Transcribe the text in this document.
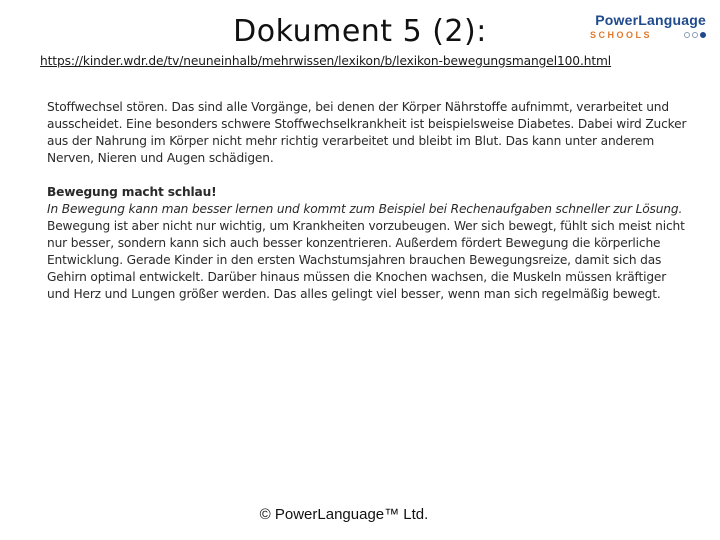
Dokument 5 (2):	PowerLanguage
SCHOOLS
https://kinder.wdr.de/tv/neuneinhalb/mehrwissen/lexikon/b/lexikon-bewegungsmangel100.html

Stoffwechsel stören. Das sind alle Vorgänge, bei denen der Körper Nährstoffe aufnimmt, verarbeitet und ausscheidet. Eine besonders schwere Stoffwechselkrankheit ist beispielsweise Diabetes. Dabei wird Zucker aus der Nahrung im Körper nicht mehr richtig verarbeitet und bleibt im Blut. Das kann unter anderem Nerven, Nieren und Augen schädigen.

Bewegung macht schlau!

In Bewegung kann man besser lernen und kommt zum Beispiel bei Rechenaufgaben schneller zur Lösung.

Bewegung ist aber nicht nur wichtig, um Krankheiten vorzubeugen. Wer sich bewegt, fühlt sich meist nicht nur besser, sondern kann sich auch besser konzentrieren. Außerdem fördert Bewegung die körperliche Entwicklung. Gerade Kinder in den ersten Wachstumsjahren brauchen Bewegungsreize, damit sich das Gehirn optimal entwickelt. Darüber hinaus müssen die Knochen wachsen, die Muskeln müssen kräftiger und Herz und Lungen größer werden. Das alles gelingt viel besser, wenn man sich regelmäßig bewegt.

© PowerLanguage™ Ltd.
